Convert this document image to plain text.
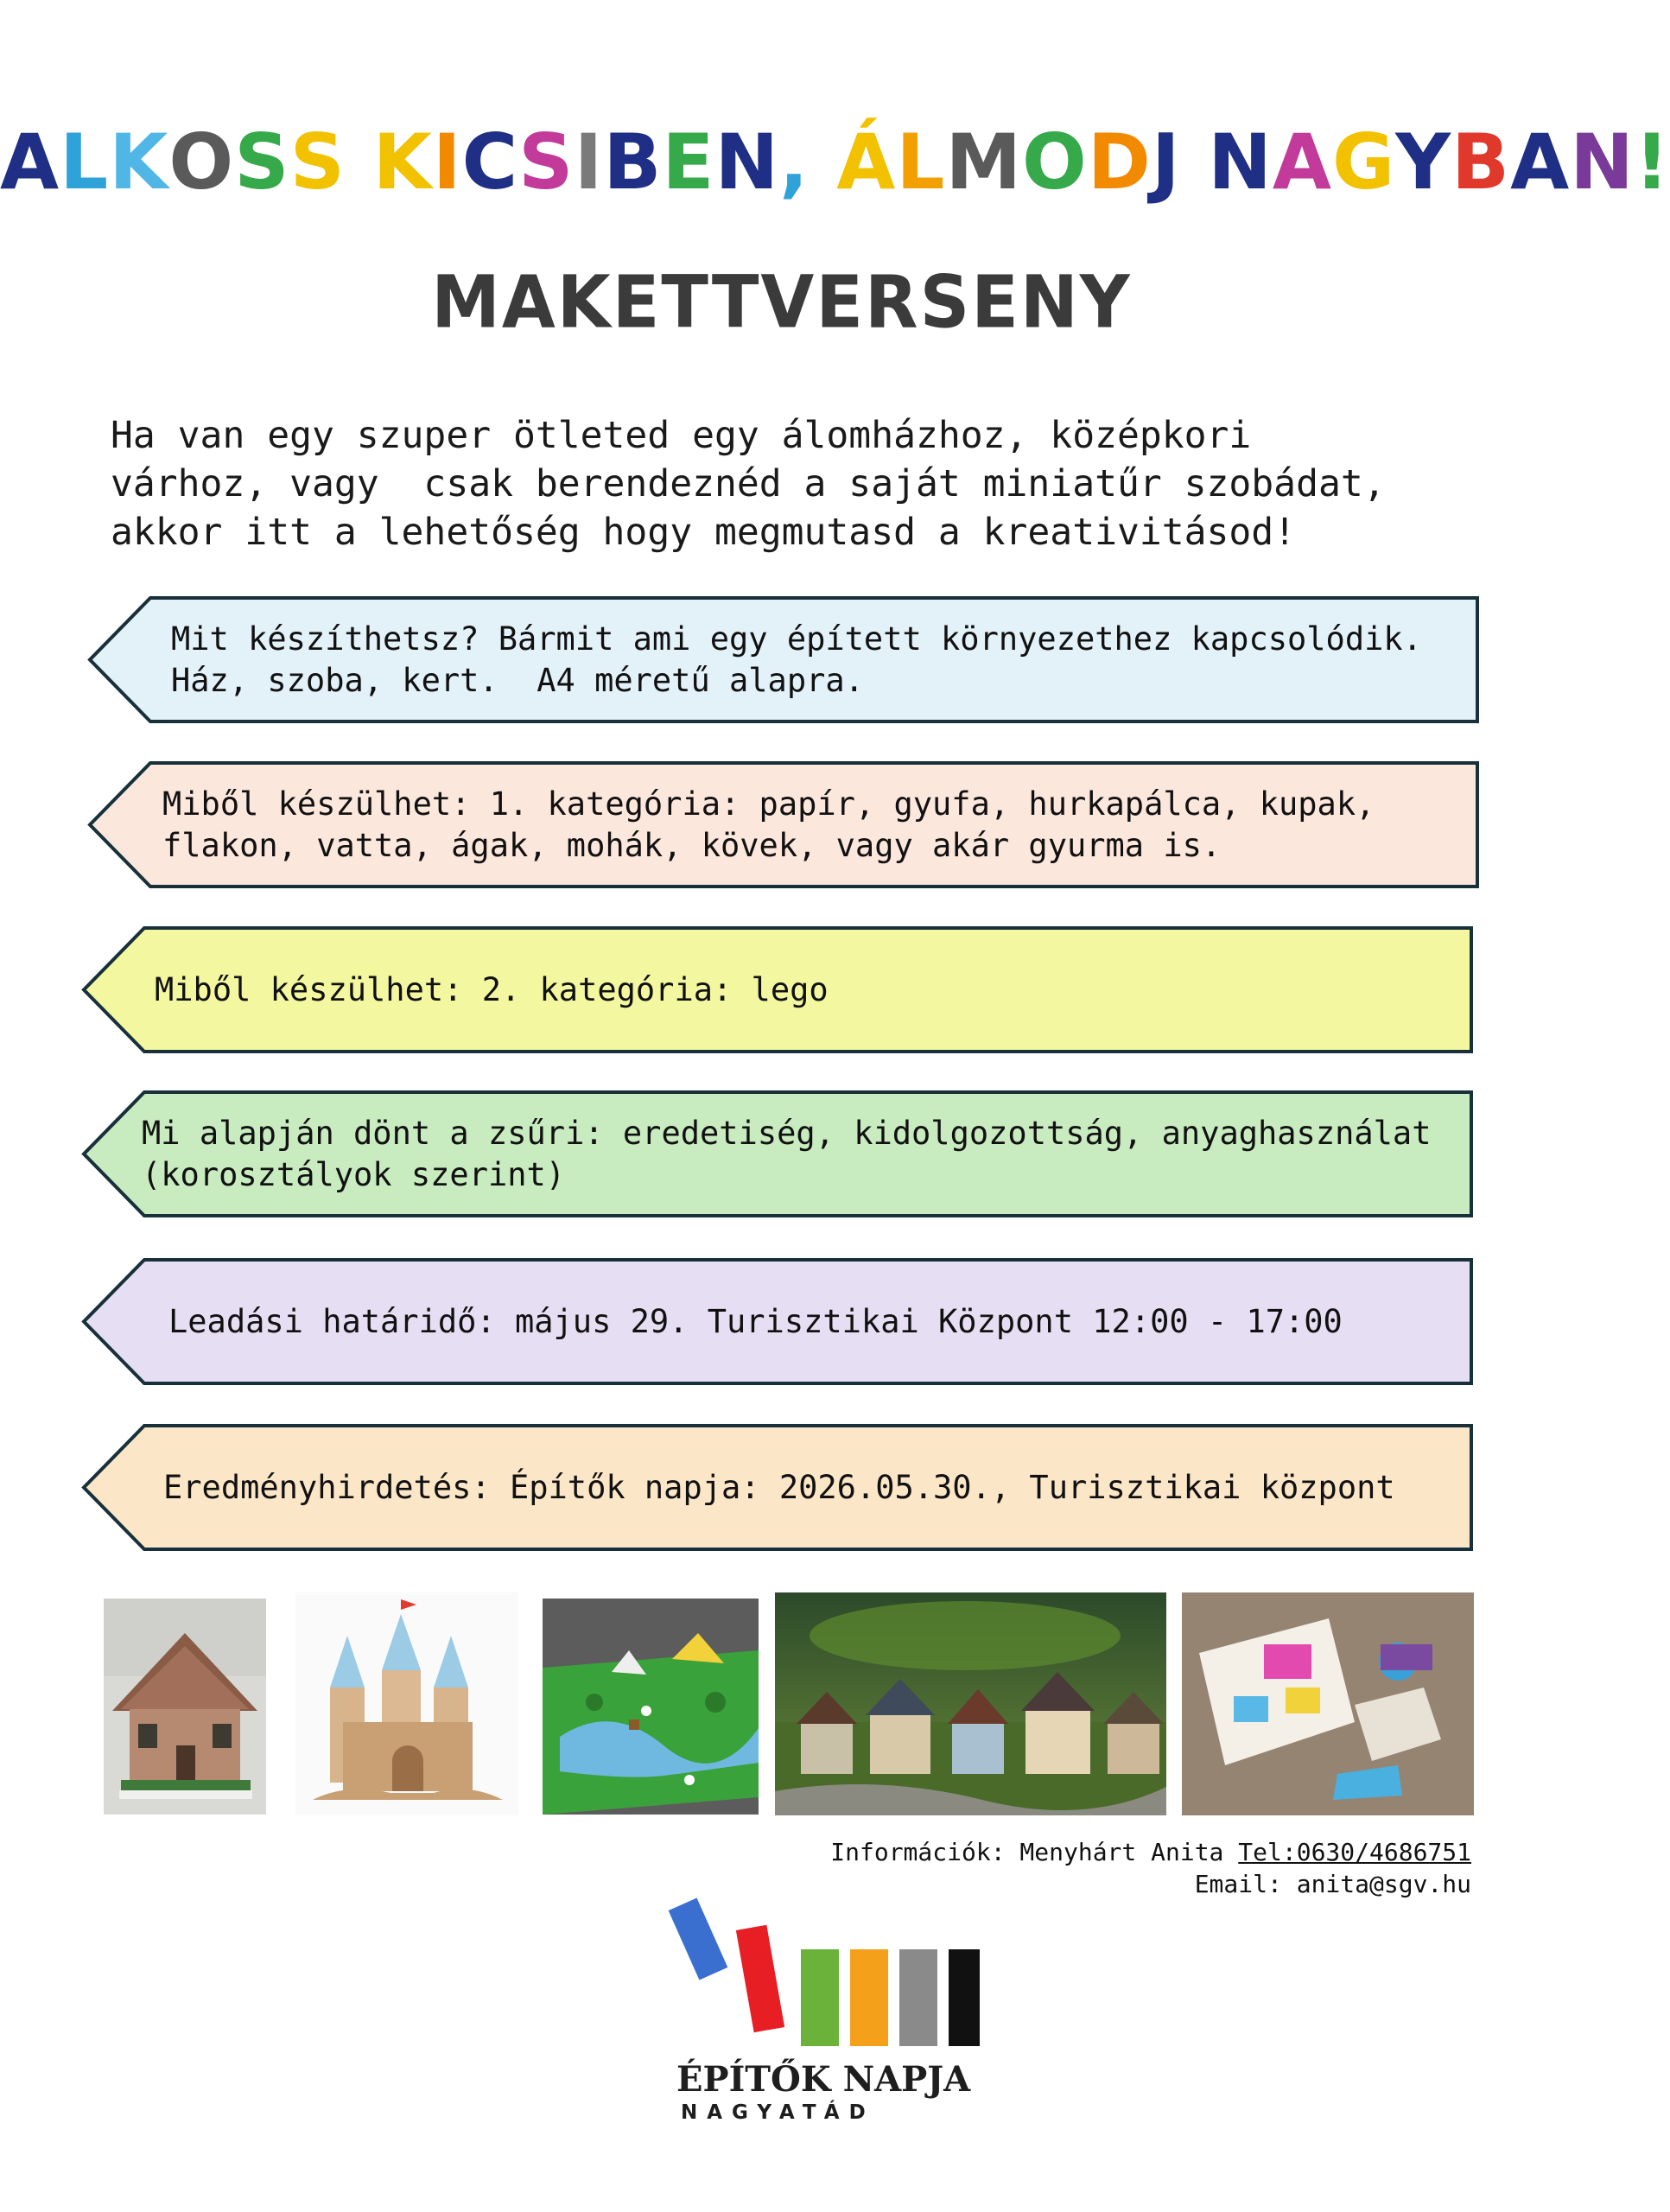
ALKOSS KICSIBEN, ÁLMODJ NAGYBAN!
MAKETTVERSENY
Ha van egy szuper ötleted egy álomházhoz, középkori
várhoz, vagy  csak berendeznéd a saját miniatűr szobádat,
akkor itt a lehetőség hogy megmutasd a kreativitásod!
Mit készíthetsz? Bármit ami egy épített környezethez kapcsolódik.
Ház, szoba, kert.  A4 méretű alapra.
Miből készülhet: 1. kategória: papír, gyufa, hurkapálca, kupak,
flakon, vatta, ágak, mohák, kövek, vagy akár gyurma is.
Miből készülhet: 2. kategória: lego
Mi alapján dönt a zsűri: eredetiség, kidolgozottság, anyaghasználat
(korosztályok szerint)
Leadási határidő: május 29. Turisztikai Központ 12:00 - 17:00
Eredményhirdetés: Építők napja: 2026.05.30., Turisztikai központ
Információk: Menyhárt Anita Tel:0630/4686751
Email: anita@sgv.hu
ÉPÍTŐK NAPJA
NAGYATÁD
